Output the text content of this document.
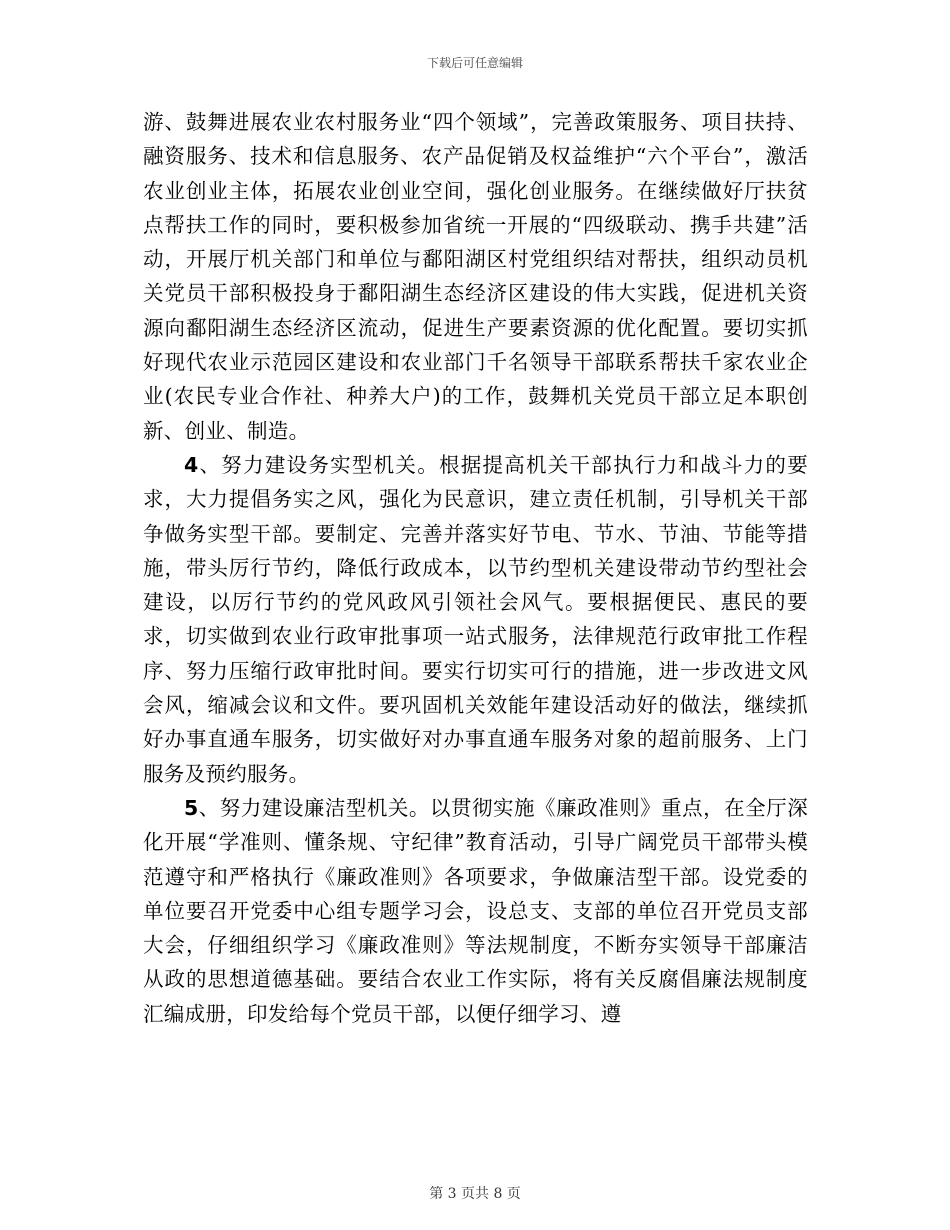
下载后可任意编辑

游、鼓舞进展农业农村服务业“四个领域”，完善政策服务、项目扶持、融资服务、技术和信息服务、农产品促销及权益维护“六个平台”，激活农业创业主体，拓展农业创业空间，强化创业服务。在继续做好厅扶贫点帮扶工作的同时，要积极参加省统一开展的“四级联动、携手共建”活动，开展厅机关部门和单位与鄱阳湖区村党组织结对帮扶，组织动员机关党员干部积极投身于鄱阳湖生态经济区建设的伟大实践，促进机关资源向鄱阳湖生态经济区流动，促进生产要素资源的优化配置。要切实抓好现代农业示范园区建设和农业部门千名领导干部联系帮扶千家农业企业(农民专业合作社、种养大户)的工作，鼓舞机关党员干部立足本职创新、创业、制造。

4、努力建设务实型机关。根据提高机关干部执行力和战斗力的要求，大力提倡务实之风，强化为民意识，建立责任机制，引导机关干部争做务实型干部。要制定、完善并落实好节电、节水、节油、节能等措施，带头厉行节约，降低行政成本，以节约型机关建设带动节约型社会建设，以厉行节约的党风政风引领社会风气。要根据便民、惠民的要求，切实做到农业行政审批事项一站式服务，法律规范行政审批工作程序、努力压缩行政审批时间。要实行切实可行的措施，进一步改进文风会风，缩减会议和文件。要巩固机关效能年建设活动好的做法，继续抓好办事直通车服务，切实做好对办事直通车服务对象的超前服务、上门服务及预约服务。

5、努力建设廉洁型机关。以贯彻实施《廉政准则》重点，在全厅深化开展“学准则、懂条规、守纪律”教育活动，引导广阔党员干部带头模范遵守和严格执行《廉政准则》各项要求，争做廉洁型干部。设党委的单位要召开党委中心组专题学习会，设总支、支部的单位召开党员支部大会，仔细组织学习《廉政准则》等法规制度，不断夯实领导干部廉洁从政的思想道德基础。要结合农业工作实际，将有关反腐倡廉法规制度汇编成册，印发给每个党员干部，以便仔细学习、遵

第 3 页共 8 页
